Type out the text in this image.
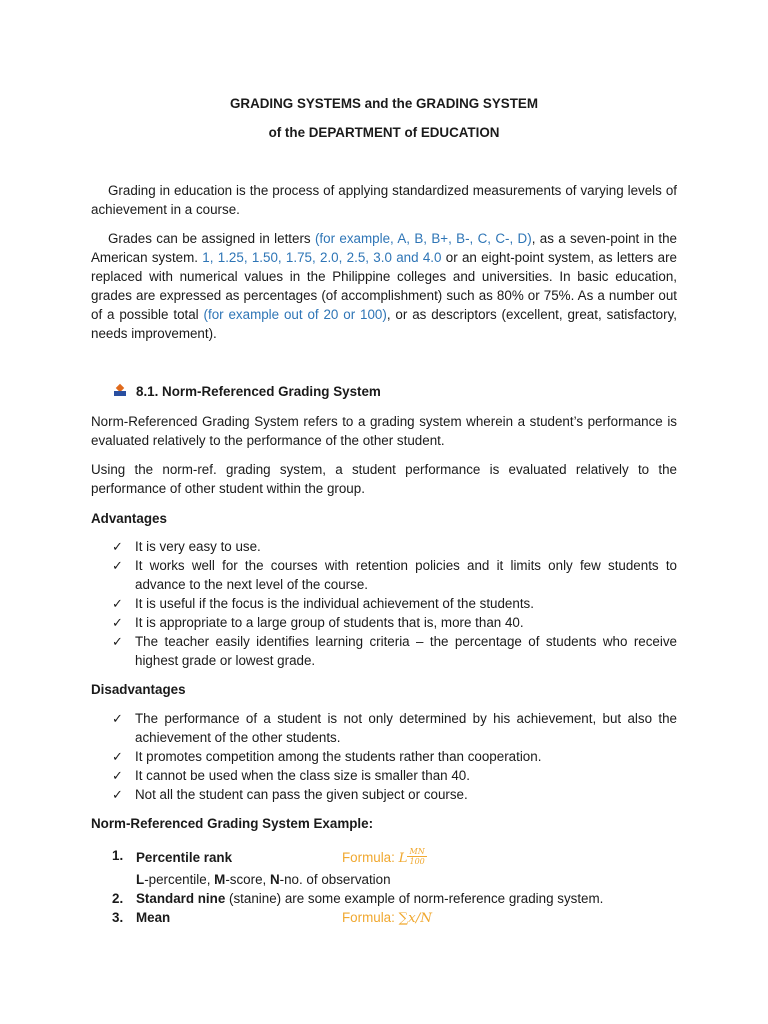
GRADING SYSTEMS and the GRADING SYSTEM
of the DEPARTMENT of EDUCATION
Grading in education is the process of applying standardized measurements of varying levels of achievement in a course.
Grades can be assigned in letters (for example, A, B, B+, B-, C, C-, D), as a seven-point in the American system. 1, 1.25, 1.50, 1.75, 2.0, 2.5, 3.0 and 4.0 or an eight-point system, as letters are replaced with numerical values in the Philippine colleges and universities. In basic education, grades are expressed as percentages (of accomplishment) such as 80% or 75%. As a number out of a possible total (for example out of 20 or 100), or as descriptors (excellent, great, satisfactory, needs improvement).
8.1. Norm-Referenced Grading System
Norm-Referenced Grading System refers to a grading system wherein a student’s performance is evaluated relatively to the performance of the other student.
Using the norm-ref. grading system, a student performance is evaluated relatively to the performance of other student within the group.
Advantages
✓ It is very easy to use.
✓ It works well for the courses with retention policies and it limits only few students to advance to the next level of the course.
✓ It is useful if the focus is the individual achievement of the students.
✓ It is appropriate to a large group of students that is, more than 40.
✓ The teacher easily identifies learning criteria – the percentage of students who receive highest grade or lowest grade.
Disadvantages
✓ The performance of a student is not only determined by his achievement, but also the achievement of the other students.
✓ It promotes competition among the students rather than cooperation.
✓ It cannot be used when the class size is smaller than 40.
✓ Not all the student can pass the given subject or course.
Norm-Referenced Grading System Example:
1. Percentile rank	Formula: L $\frac{MN}{100}$
L-percentile, M-score, N-no. of observation
2. Standard nine (stanine) are some example of norm-reference grading system.
3. Mean	Formula: ∑x/N
